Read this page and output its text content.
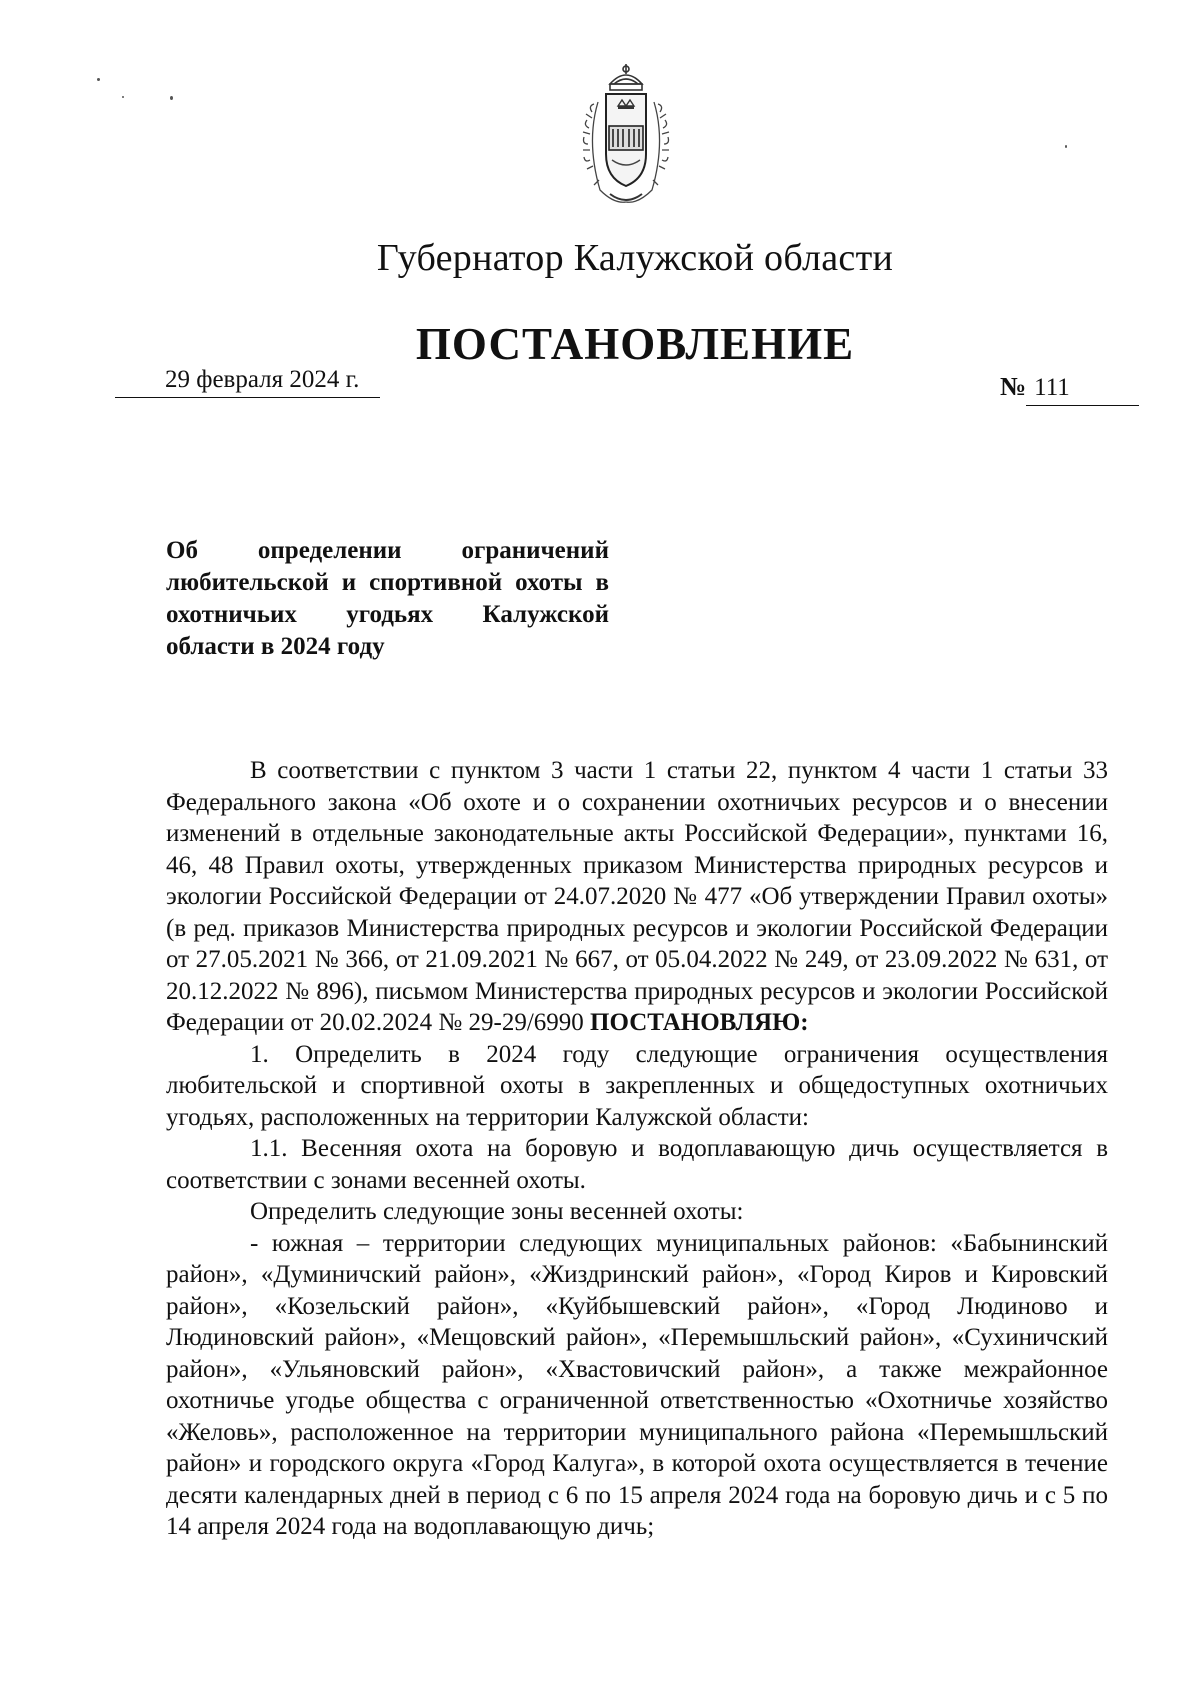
Губернатор Калужской области
ПОСТАНОВЛЕНИЕ
29 февраля 2024 г.	№ 111
Об определении ограничений любительской и спортивной охоты в охотничьих угодьях Калужской области в 2024 году

В соответствии с пунктом 3 части 1 статьи 22, пунктом 4 части 1 статьи 33 Федерального закона «Об охоте и о сохранении охотничьих ресурсов и о внесении изменений в отдельные законодательные акты Российской Федерации», пунктами 16, 46, 48 Правил охоты, утвержденных приказом Министерства природных ресурсов и экологии Российской Федерации от 24.07.2020 № 477 «Об утверждении Правил охоты» (в ред. приказов Министерства природных ресурсов и экологии Российской Федерации от 27.05.2021 № 366, от 21.09.2021 № 667, от 05.04.2022 № 249, от 23.09.2022 № 631, от 20.12.2022 № 896), письмом Министерства природных ресурсов и экологии Российской Федерации от 20.02.2024 № 29-29/6990 ПОСТАНОВЛЯЮ:

1. Определить в 2024 году следующие ограничения осуществления любительской и спортивной охоты в закрепленных и общедоступных охотничьих угодьях, расположенных на территории Калужской области:

1.1. Весенняя охота на боровую и водоплавающую дичь осуществляется в соответствии с зонами весенней охоты.

Определить следующие зоны весенней охоты:

- южная – территории следующих муниципальных районов: «Бабынинский район», «Думиничский район», «Жиздринский район», «Город Киров и Кировский район», «Козельский район», «Куйбышевский район», «Город Людиново и Людиновский район», «Мещовский район», «Перемышльский район», «Сухиничский район», «Ульяновский район», «Хвастовичский район», а также межрайонное охотничье угодье общества с ограниченной ответственностью «Охотничье хозяйство «Желовь», расположенное на территории муниципального района «Перемышльский район» и городского округа «Город Калуга», в которой охота осуществляется в течение десяти календарных дней в период с 6 по 15 апреля 2024 года на боровую дичь и с 5 по 14 апреля 2024 года на водоплавающую дичь;
